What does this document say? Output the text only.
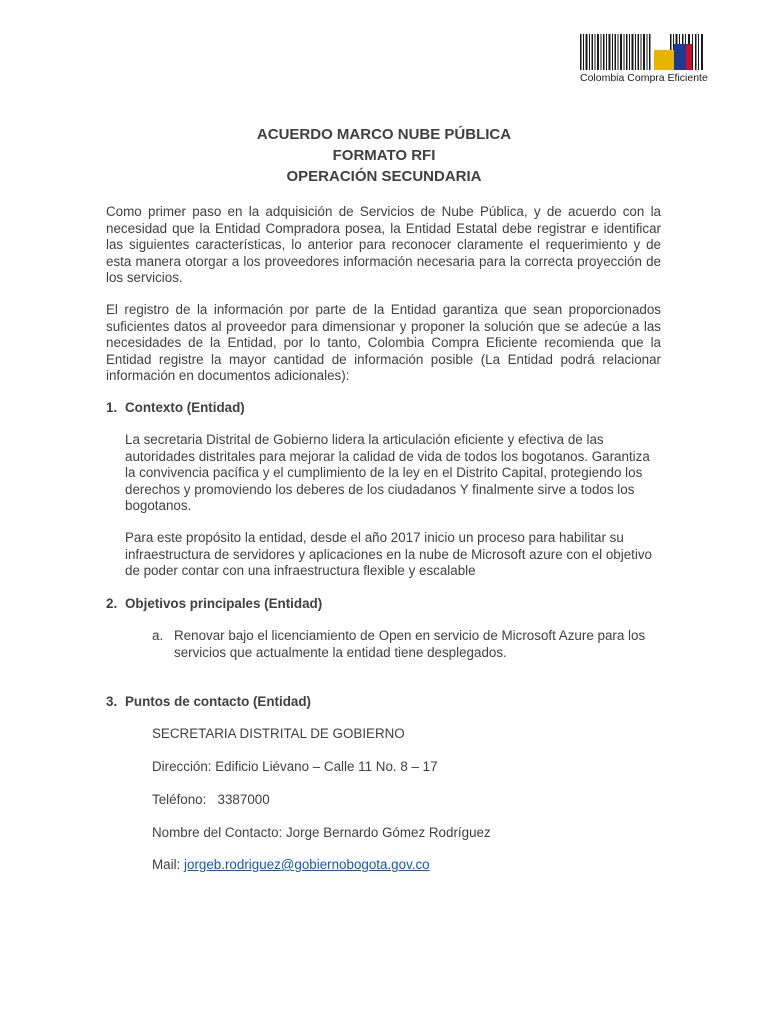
Colombia Compra Eficiente
ACUERDO MARCO NUBE PÚBLICA
FORMATO RFI
OPERACIÓN SECUNDARIA
Como primer paso en la adquisición de Servicios de Nube Pública, y de acuerdo con la necesidad que la Entidad Compradora posea, la Entidad Estatal debe registrar e identificar las siguientes características, lo anterior para reconocer claramente el requerimiento y de esta manera otorgar a los proveedores información necesaria para la correcta proyección de los servicios.
El registro de la información por parte de la Entidad garantiza que sean proporcionados suficientes datos al proveedor para dimensionar y proponer la solución que se adecúe a las necesidades de la Entidad, por lo tanto, Colombia Compra Eficiente recomienda que la Entidad registre la mayor cantidad de información posible (La Entidad podrá relacionar información en documentos adicionales):
1. Contexto (Entidad)
La secretaria Distrital de Gobierno lidera la articulación eficiente y efectiva de las autoridades distritales para mejorar la calidad de vida de todos los bogotanos. Garantiza la convivencia pacífica y el cumplimiento de la ley en el Distrito Capital, protegiendo los derechos y promoviendo los deberes de los ciudadanos Y finalmente sirve a todos los bogotanos.
Para este propósito la entidad, desde el año 2017 inicio un proceso para habilitar su infraestructura de servidores y aplicaciones en la nube de Microsoft azure con el objetivo de poder contar con una infraestructura flexible y escalable
2. Objetivos principales (Entidad)
a. Renovar bajo el licenciamiento de Open en servicio de Microsoft Azure para los servicios que actualmente la entidad tiene desplegados.
3. Puntos de contacto (Entidad)
SECRETARIA DISTRITAL DE GOBIERNO
Dirección: Edificio Liévano – Calle 11 No. 8 – 17
Teléfono: 3387000
Nombre del Contacto: Jorge Bernardo Gómez Rodríguez
Mail: jorgeb.rodriguez@gobiernobogota.gov.co
